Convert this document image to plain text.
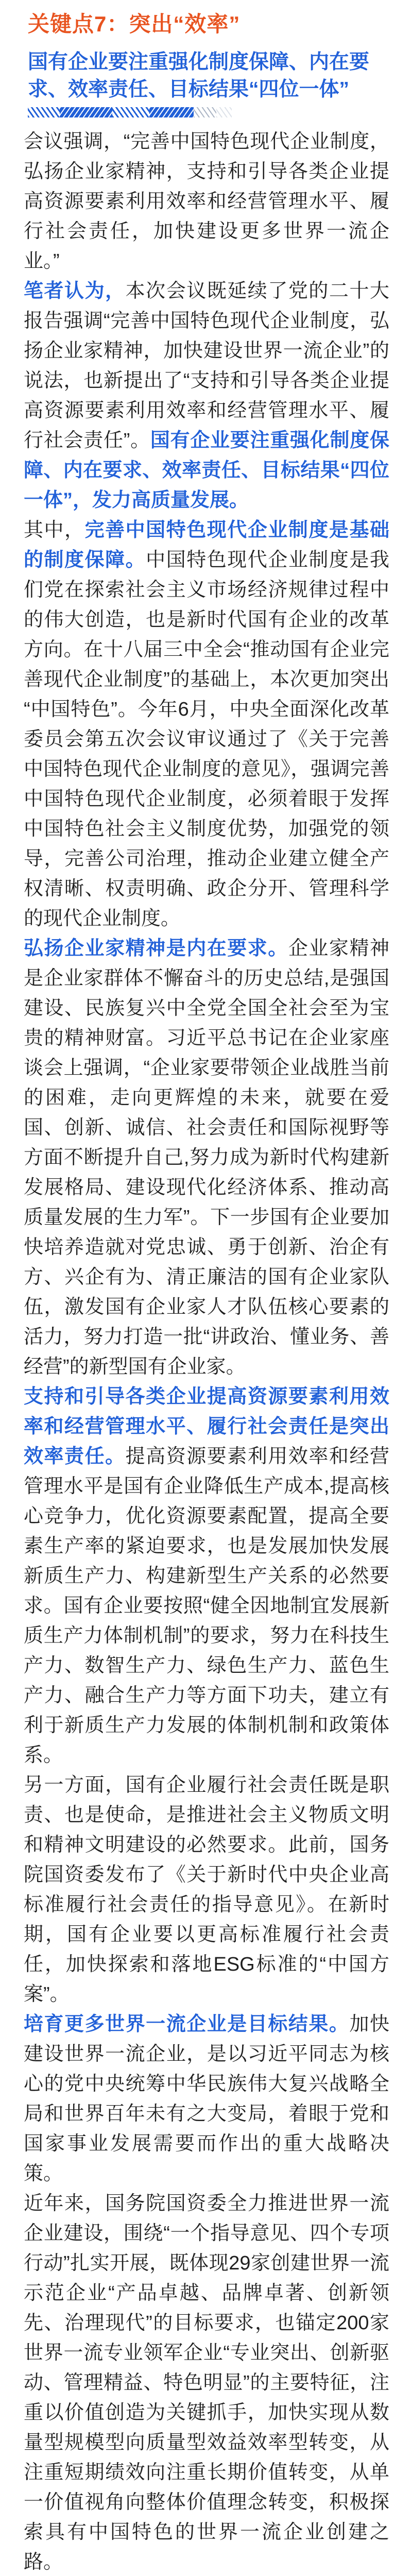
关键点7：突出“效率”
国有企业要注重强化制度保障、内在要求、效率责任、目标结果“四位一体”

会议强调，“完善中国特色现代企业制度，弘扬企业家精神，支持和引导各类企业提高资源要素利用效率和经营管理水平、履行社会责任，加快建设更多世界一流企业。”

笔者认为，本次会议既延续了党的二十大报告强调“完善中国特色现代企业制度，弘扬企业家精神，加快建设世界一流企业”的说法，也新提出了“支持和引导各类企业提高资源要素利用效率和经营管理水平、履行社会责任”。国有企业要注重强化制度保障、内在要求、效率责任、目标结果“四位一体”，发力高质量发展。

其中，完善中国特色现代企业制度是基础的制度保障。中国特色现代企业制度是我们党在探索社会主义市场经济规律过程中的伟大创造，也是新时代国有企业的改革方向。在十八届三中全会“推动国有企业完善现代企业制度”的基础上，本次更加突出“中国特色”。今年6月，中央全面深化改革委员会第五次会议审议通过了《关于完善中国特色现代企业制度的意见》，强调完善中国特色现代企业制度，必须着眼于发挥中国特色社会主义制度优势，加强党的领导，完善公司治理，推动企业建立健全产权清晰、权责明确、政企分开、管理科学的现代企业制度。

弘扬企业家精神是内在要求。企业家精神是企业家群体不懈奋斗的历史总结,是强国建设、民族复兴中全党全国全社会至为宝贵的精神财富。习近平总书记在企业家座谈会上强调，“企业家要带领企业战胜当前的困难，走向更辉煌的未来，就要在爱国、创新、诚信、社会责任和国际视野等方面不断提升自己,努力成为新时代构建新发展格局、建设现代化经济体系、推动高质量发展的生力军”。下一步国有企业要加快培养造就对党忠诚、勇于创新、治企有方、兴企有为、清正廉洁的国有企业家队伍，激发国有企业家人才队伍核心要素的活力，努力打造一批“讲政治、懂业务、善经营”的新型国有企业家。

支持和引导各类企业提高资源要素利用效率和经营管理水平、履行社会责任是突出效率责任。提高资源要素利用效率和经营管理水平是国有企业降低生产成本,提高核心竞争力，优化资源要素配置，提高全要素生产率的紧迫要求，也是发展加快发展新质生产力、构建新型生产关系的必然要求。国有企业要按照“健全因地制宜发展新质生产力体制机制”的要求，努力在科技生产力、数智生产力、绿色生产力、蓝色生产力、融合生产力等方面下功夫，建立有利于新质生产力发展的体制机制和政策体系。

另一方面，国有企业履行社会责任既是职责、也是使命，是推进社会主义物质文明和精神文明建设的必然要求。此前，国务院国资委发布了《关于新时代中央企业高标准履行社会责任的指导意见》。在新时期，国有企业要以更高标准履行社会责任，加快探索和落地ESG标准的“中国方案”。

培育更多世界一流企业是目标结果。加快建设世界一流企业，是以习近平同志为核心的党中央统筹中华民族伟大复兴战略全局和世界百年未有之大变局，着眼于党和国家事业发展需要而作出的重大战略决策。

近年来，国务院国资委全力推进世界一流企业建设，围绕“一个指导意见、四个专项行动”扎实开展，既体现29家创建世界一流示范企业“产品卓越、品牌卓著、创新领先、治理现代”的目标要求，也锚定200家世界一流专业领军企业“专业突出、创新驱动、管理精益、特色明显”的主要特征，注重以价值创造为关键抓手，加快实现从数量型规模型向质量型效益效率型转变，从注重短期绩效向注重长期价值转变，从单一价值视角向整体价值理念转变，积极探索具有中国特色的世界一流企业创建之路。
